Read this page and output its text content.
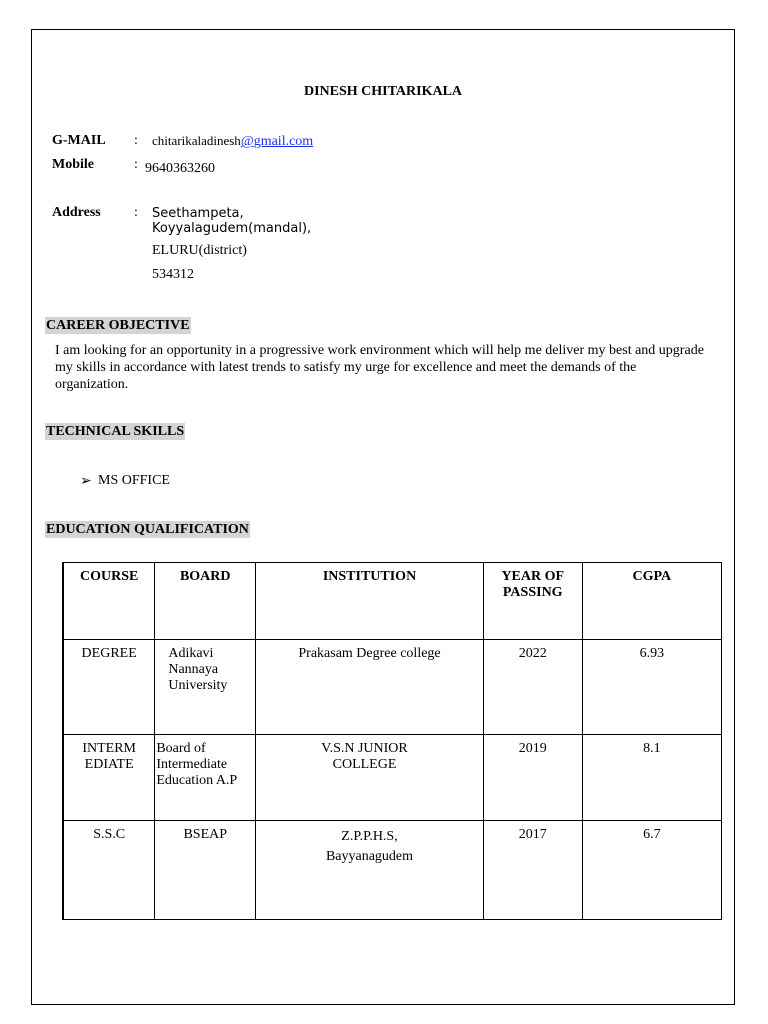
DINESH CHITARIKALA
G-MAIL : chitarikaladinesh@gmail.com
Mobile	: 9640363260
Address : Seethampeta,
Koyyalagudem(mandal),
ELURU(district)
534312
CAREER OBJECTIVE
I am looking for an opportunity in a progressive work environment which will help me deliver my best and upgrade my skills in accordance with latest trends to satisfy my urge for excellence and meet the demands of the organization.
TECHNICAL SKILLS
➢ MS OFFICE
EDUCATION QUALIFICATION
COURSE	BOARD	INSTITUTION	YEAR OF PASSING	CGPA
DEGREE	Adikavi Nannaya University	Prakasam Degree college	2022	6.93
INTERM EDIATE	Board of Intermediate Education A.P	V.S.N JUNIOR COLLEGE	2019	8.1
S.S.C	BSEAP	Z.P.P.H.S, Bayyanagudem	2017	6.7
